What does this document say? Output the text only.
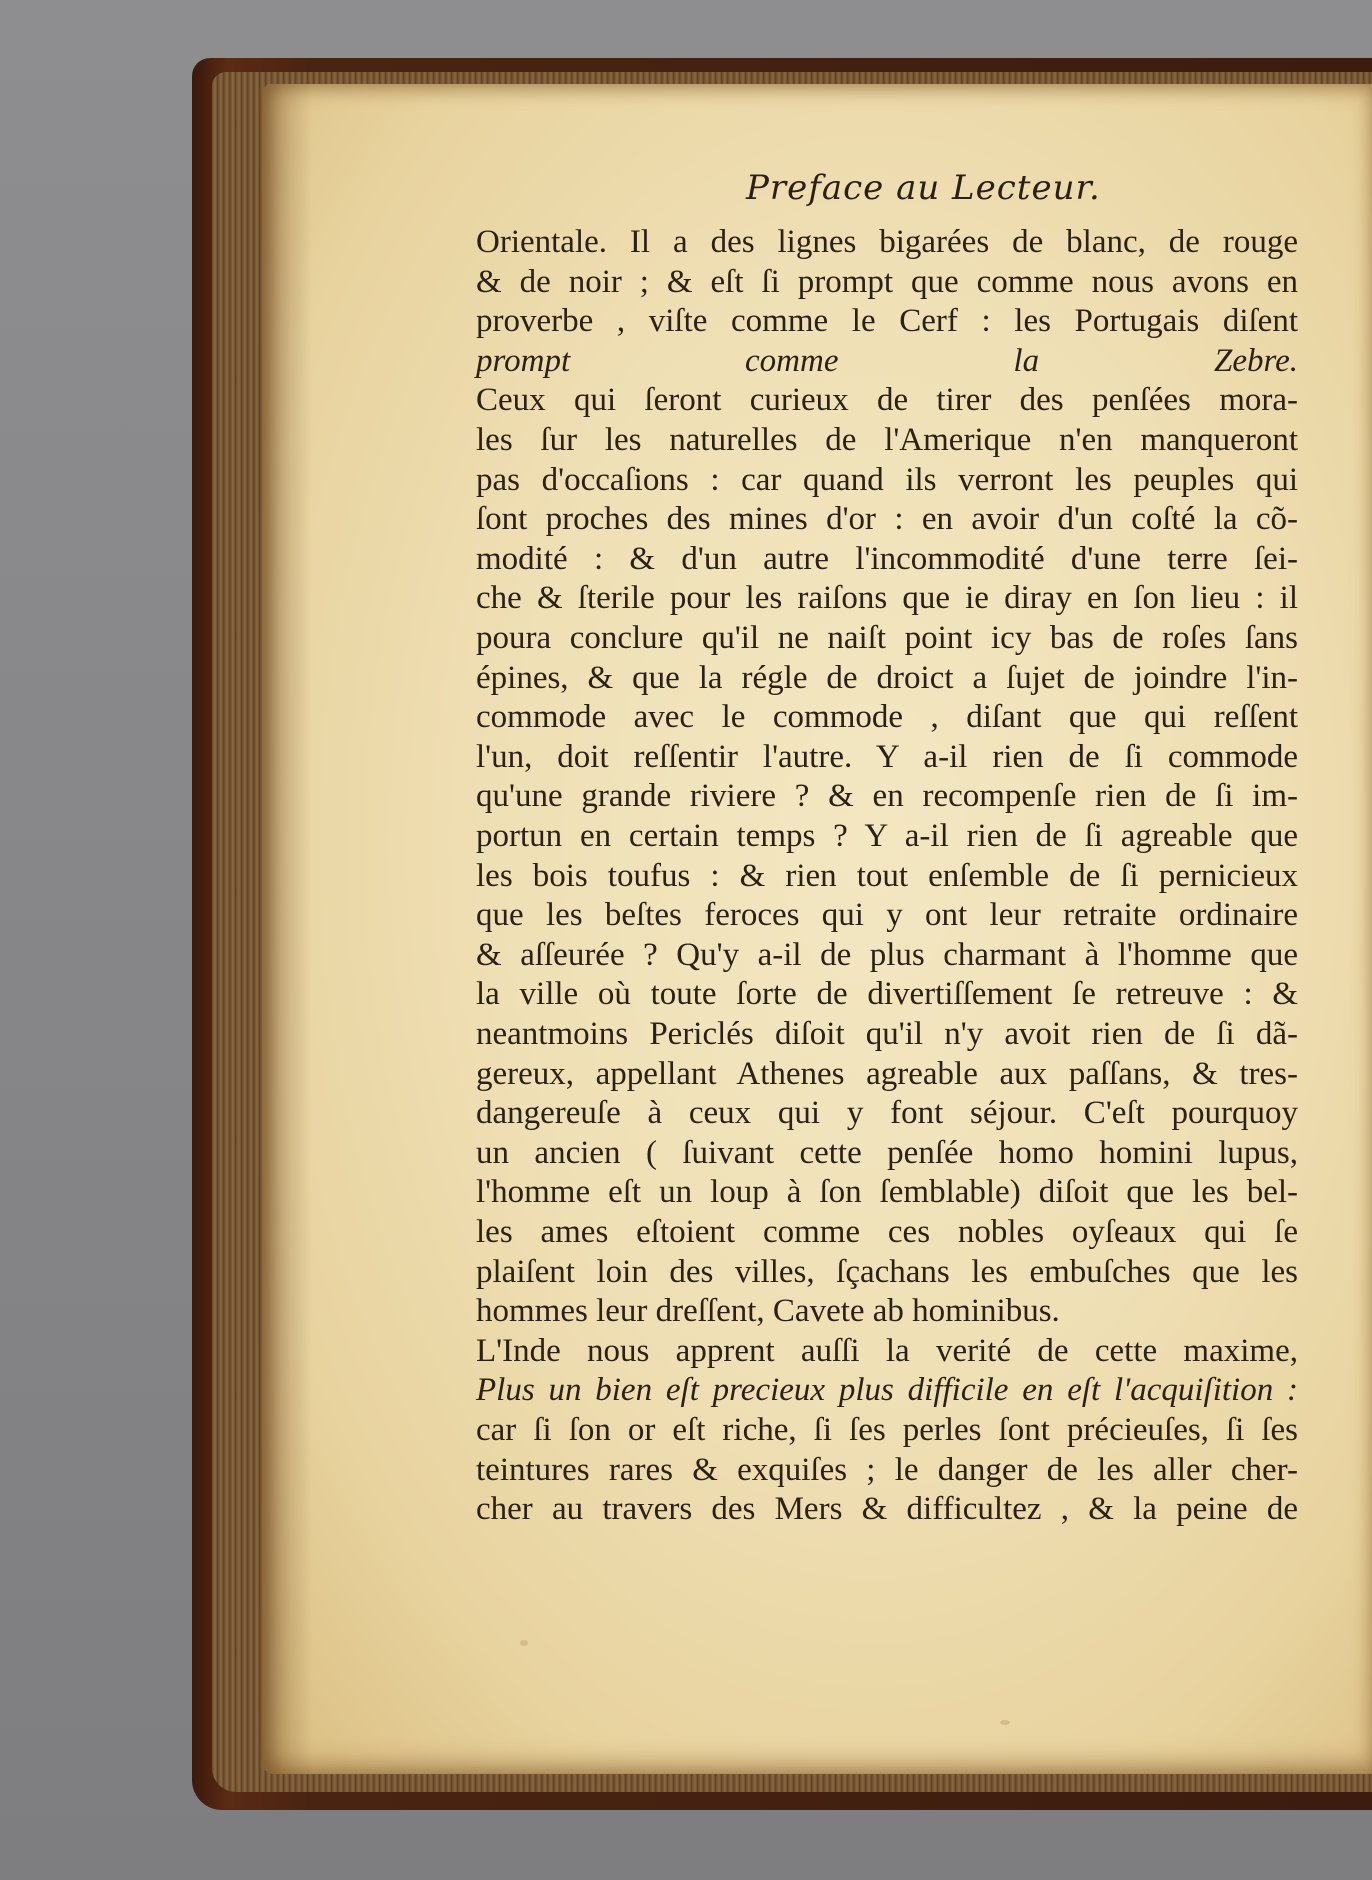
Preface au Lecteur.
Orientale. Il a des lignes bigarées de blanc, de rouge
& de noir ; & eſt ſi prompt que comme nous avons en
proverbe , viſte comme le Cerf : les Portugais diſent
prompt comme la Zebre.
Ceux qui ſeront curieux de tirer des penſées mora-
les ſur les naturelles de l'Amerique n'en manqueront
pas d'occaſions : car quand ils verront les peuples qui
ſont proches des mines d'or : en avoir d'un coſté la cõ-
modité : & d'un autre l'incommodité d'une terre ſei-
che & ſterile pour les raiſons que ie diray en ſon lieu : il
poura conclure qu'il ne naiſt point icy bas de roſes ſans
épines, & que la régle de droict a ſujet de joindre l'in-
commode avec le commode , diſant que qui reſſent
l'un, doit reſſentir l'autre. Y a-il rien de ſi commode
qu'une grande riviere ? & en recompenſe rien de ſi im-
portun en certain temps ? Y a-il rien de ſi agreable que
les bois toufus : & rien tout enſemble de ſi pernicieux
que les beſtes feroces qui y ont leur retraite ordinaire
& aſſeurée ? Qu'y a-il de plus charmant à l'homme que
la ville où toute ſorte de divertiſſement ſe retreuve : &
neantmoins Periclés diſoit qu'il n'y avoit rien de ſi dã-
gereux, appellant Athenes agreable aux paſſans, & tres-
dangereuſe à ceux qui y font séjour. C'eſt pourquoy
un ancien ( ſuivant cette penſée homo homini lupus,
l'homme eſt un loup à ſon ſemblable) diſoit que les bel-
les ames eſtoient comme ces nobles oyſeaux qui ſe
plaiſent loin des villes, ſçachans les embuſches que les
hommes leur dreſſent, Cavete ab hominibus.
L'Inde nous apprent auſſi la verité de cette maxime,
Plus un bien eſt precieux plus difficile en eſt l'acquiſition :
car ſi ſon or eſt riche, ſi ſes perles ſont précieuſes, ſi ſes
teintures rares & exquiſes ; le danger de les aller cher-
cher au travers des Mers & difficultez , & la peine de
